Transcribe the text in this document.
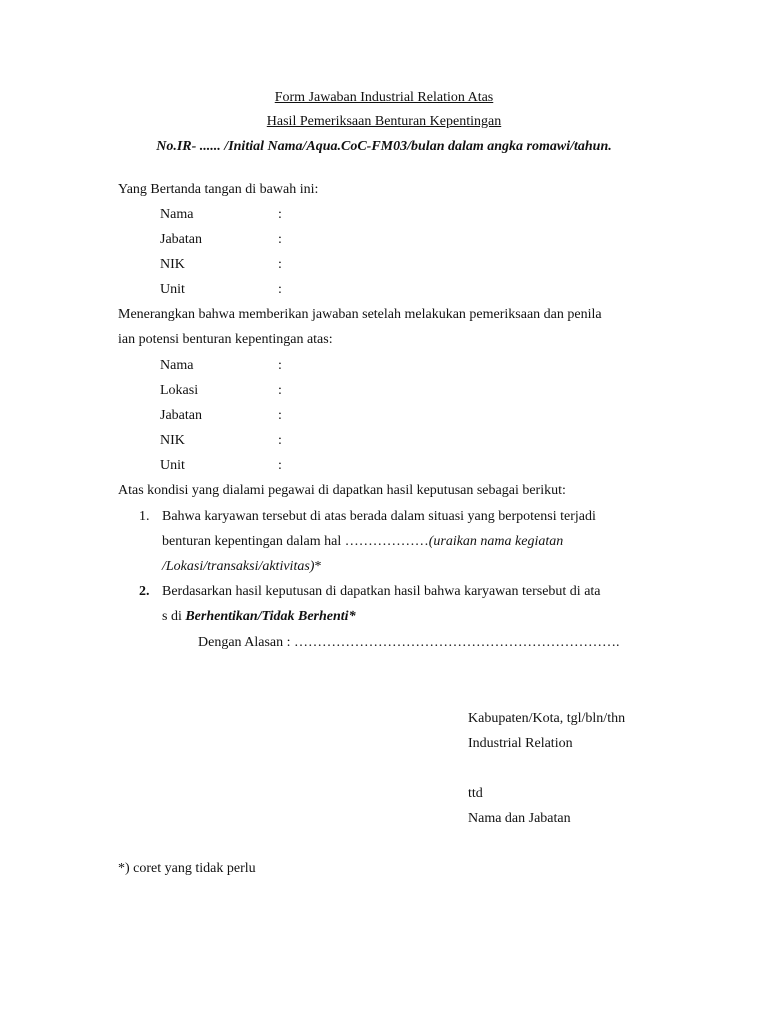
Form Jawaban Industrial Relation Atas
Hasil Pemeriksaan Benturan Kepentingan
No.IR- ...... /Initial Nama/Aqua.CoC-FM03/bulan dalam angka romawi/tahun.
Yang Bertanda tangan di bawah ini:
Nama	:
Jabatan	:
NIK	:
Unit	:
Menerangkan bahwa memberikan jawaban setelah melakukan pemeriksaan dan penila
ian potensi benturan kepentingan atas:
Nama	:
Lokasi	:
Jabatan	:
NIK	:
Unit	:
Atas kondisi yang dialami pegawai di dapatkan hasil keputusan sebagai berikut:
1. Bahwa karyawan tersebut di atas berada dalam situasi yang berpotensi terjadi
benturan kepentingan dalam hal ………………(uraikan nama kegiatan
/Lokasi/transaksi/aktivitas)*
2. Berdasarkan hasil keputusan di dapatkan hasil bahwa karyawan tersebut di ata
s di Berhentikan/Tidak Berhenti*
Dengan Alasan : …………………………………………………………….
Kabupaten/Kota, tgl/bln/thn
Industrial Relation
ttd
Nama dan Jabatan
*) coret yang tidak perlu
